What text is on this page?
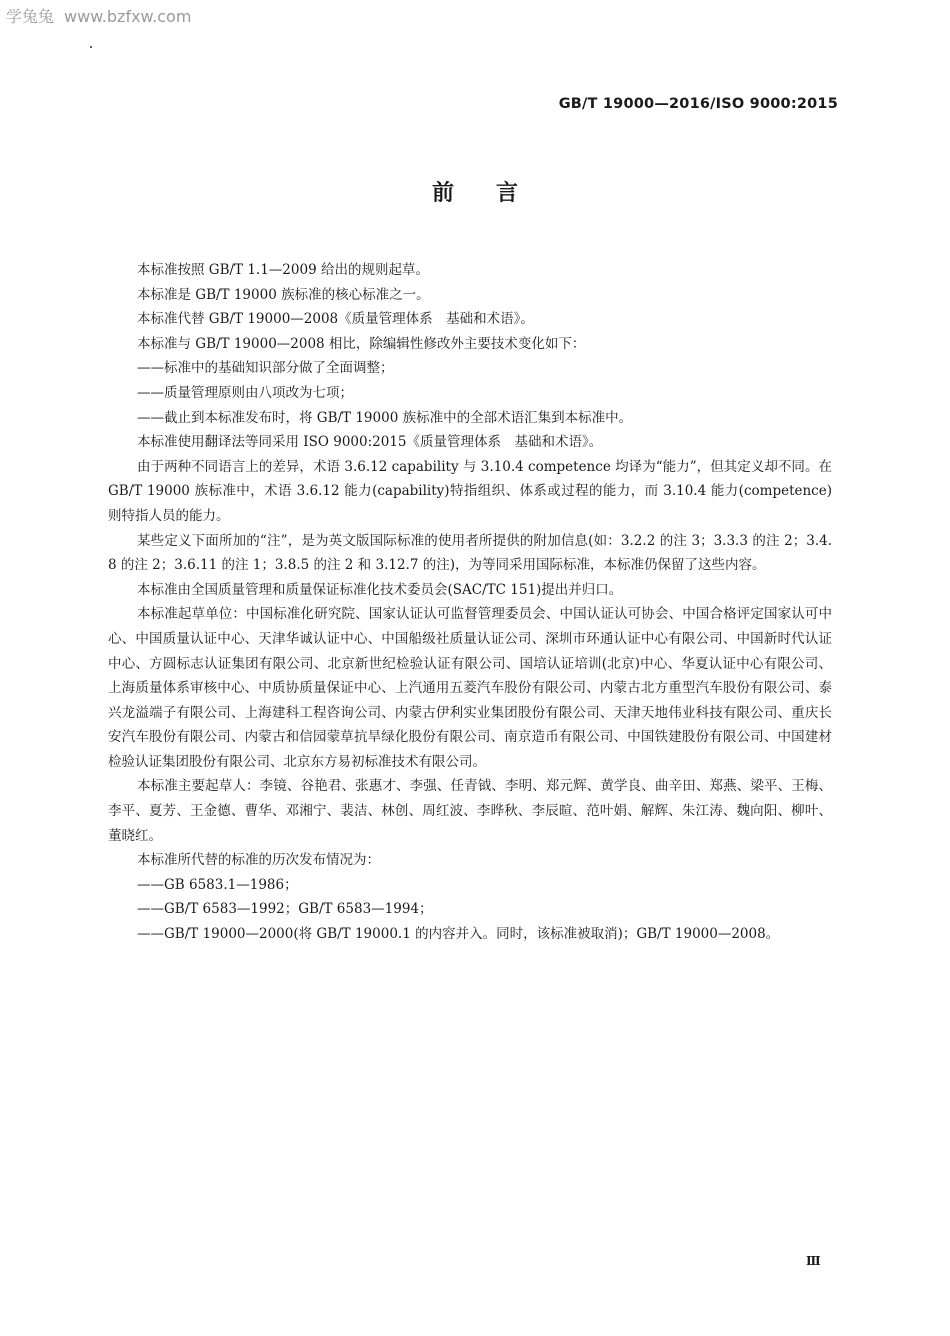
学兔兔 www.bzfxw.com
GB/T 19000—2016/ISO 9000:2015
前言

本标准按照 GB/T 1.1—2009 给出的规则起草。

本标准是 GB/T 19000 族标准的核心标准之一。

本标准代替 GB/T 19000—2008《质量管理体系　基础和术语》。

本标准与 GB/T 19000—2008 相比，除编辑性修改外主要技术变化如下：

——标准中的基础知识部分做了全面调整；

——质量管理原则由八项改为七项；

——截止到本标准发布时，将 GB/T 19000 族标准中的全部术语汇集到本标准中。

本标准使用翻译法等同采用 ISO 9000:2015《质量管理体系　基础和术语》。

由于两种不同语言上的差异，术语 3.6.12 capability 与 3.10.4 competence 均译为“能力”，但其定义却不同。在 GB/T 19000 族标准中，术语 3.6.12 能力(capability)特指组织、体系或过程的能力，而 3.10.4 能力(competence)则特指人员的能力。

某些定义下面所加的“注”，是为英文版国际标准的使用者所提供的附加信息(如：3.2.2 的注 3；3.3.3 的注 2；3.4.8 的注 2；3.6.11 的注 1；3.8.5 的注 2 和 3.12.7 的注)，为等同采用国际标准，本标准仍保留了这些内容。

本标准由全国质量管理和质量保证标准化技术委员会(SAC/TC 151)提出并归口。

本标准起草单位：中国标准化研究院、国家认证认可监督管理委员会、中国认证认可协会、中国合格评定国家认可中心、中国质量认证中心、天津华诚认证中心、中国船级社质量认证公司、深圳市环通认证中心有限公司、中国新时代认证中心、方圆标志认证集团有限公司、北京新世纪检验认证有限公司、国培认证培训(北京)中心、华夏认证中心有限公司、上海质量体系审核中心、中质协质量保证中心、上汽通用五菱汽车股份有限公司、内蒙古北方重型汽车股份有限公司、泰兴龙溢端子有限公司、上海建科工程咨询公司、内蒙古伊利实业集团股份有限公司、天津天地伟业科技有限公司、重庆长安汽车股份有限公司、内蒙古和信园蒙草抗旱绿化股份有限公司、南京造币有限公司、中国铁建股份有限公司、中国建材检验认证集团股份有限公司、北京东方易初标准技术有限公司。

本标准主要起草人：李镜、谷艳君、张惠才、李强、任青钺、李明、郑元辉、黄学良、曲辛田、郑燕、梁平、王梅、李平、夏芳、王金德、曹华、邓湘宁、裴洁、林创、周红波、李晔秋、李辰暄、范叶娟、解辉、朱江涛、魏向阳、柳叶、董晓红。

本标准所代替的标准的历次发布情况为：

——GB 6583.1—1986；

——GB/T 6583—1992；GB/T 6583—1994；

——GB/T 19000—2000(将 GB/T 19000.1 的内容并入。同时，该标准被取消)；GB/T 19000—2008。

Ⅲ
